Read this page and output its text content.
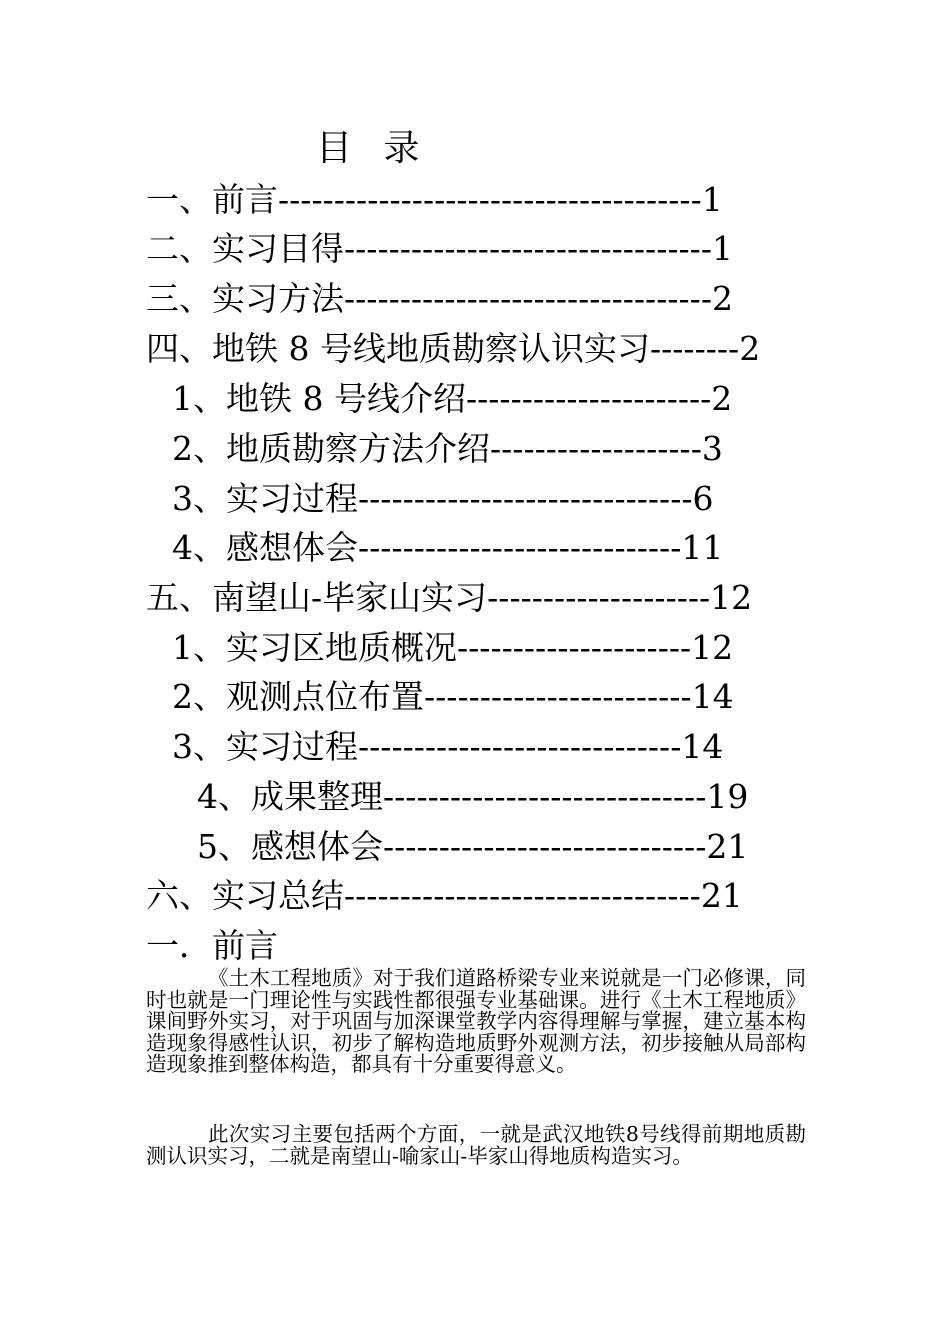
目 录
一、前言--------------------------------------1
二、实习目得---------------------------------1
三、实习方法---------------------------------2
四、地铁 8 号线地质勘察认识实习--------2
1、地铁 8 号线介绍----------------------2
2、地质勘察方法介绍-------------------3
3、实习过程------------------------------6
4、感想体会-----------------------------11
五、南望山-毕家山实习--------------------12
1、实习区地质概况---------------------12
2、观测点位布置------------------------14
3、实习过程-----------------------------14
4、成果整理-----------------------------19
5、感想体会-----------------------------21
六、实习总结--------------------------------21
一．前言

《土木工程地质》对于我们道路桥梁专业来说就是一门必修课，同时也就是一门理论性与实践性都很强专业基础课。进行《土木工程地质》课间野外实习，对于巩固与加深课堂教学内容得理解与掌握，建立基本构造现象得感性认识，初步了解构造地质野外观测方法，初步接触从局部构造现象推到整体构造，都具有十分重要得意义。

此次实习主要包括两个方面，一就是武汉地铁8号线得前期地质勘测认识实习，二就是南望山-喻家山-毕家山得地质构造实习。
